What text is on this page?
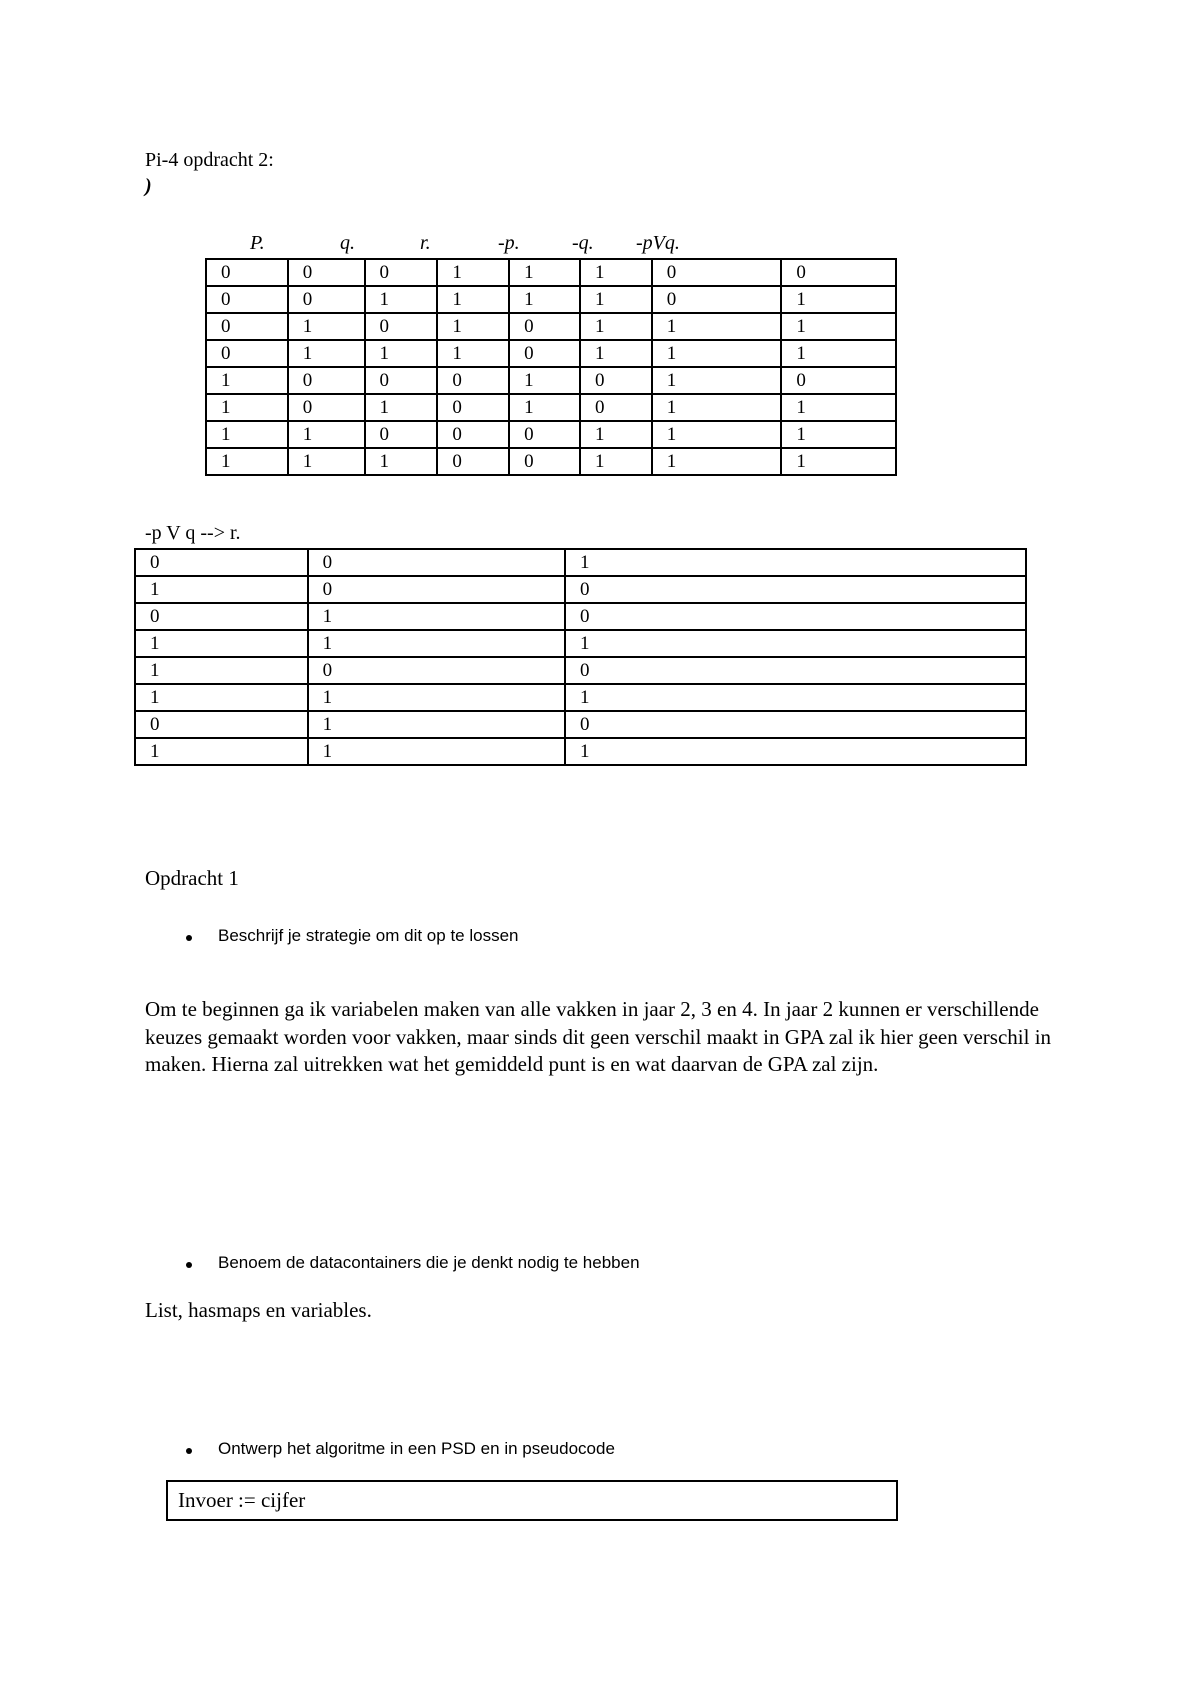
Pi-4 opdracht 2:
)
P.	q.	r.	-p.	-q. -pVq.
0	0	0	1	1	1	0	0
0	0	1	1	1	1	0	1
0	1	0	1	0	1	1	1
0	1	1	1	0	1	1	1
1	0	0	0	1	0	1	0
1	0	1	0	1	0	1	1
1	1	0	0	0	1	1	1
1	1	1	0	0	1	1	1
-p V q --> r.
0	0	1
1	0	0
0	1	0
1	1	1
1	0	0
1	1	1
0	1	0
1	1	1
Opdracht 1
Beschrijf je strategie om dit op te lossen
Om te beginnen ga ik variabelen maken van alle vakken in jaar 2, 3 en 4. In jaar 2 kunnen er verschillende keuzes gemaakt worden voor vakken, maar sinds dit geen verschil maakt in GPA zal ik hier geen verschil in maken. Hierna zal uitrekken wat het gemiddeld punt is en wat daarvan de GPA zal zijn.
Benoem de datacontainers die je denkt nodig te hebben
List, hasmaps en variables.
Ontwerp het algoritme in een PSD en in pseudocode
Invoer := cijfer
